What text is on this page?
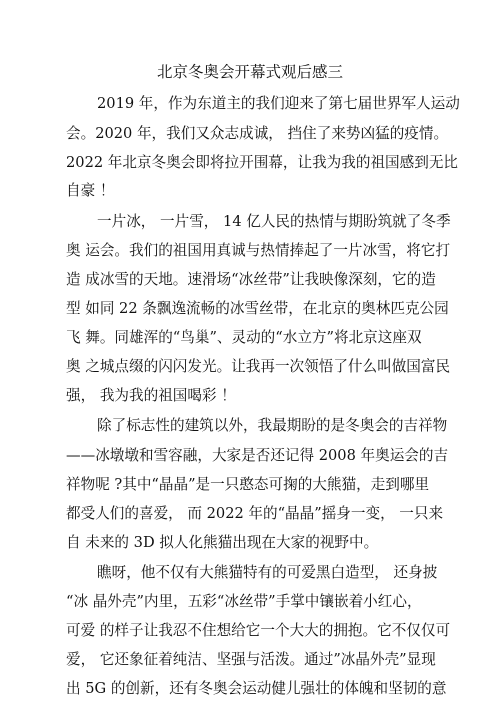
北京冬奥会开幕式观后感三
2019 年，作为东道主的我们迎来了第七届世界军人运动
会。2020 年，我们又众志成诚， 挡住了来势凶猛的疫情。
2022 年北京冬奥会即将拉开围幕，让我为我的祖国感到无比
自豪 ！
一片冰， 一片雪， 14 亿人民的热情与期盼筑就了冬季
奥 运会。我们的祖国用真诚与热情捧起了一片冰雪，将它打
造 成冰雪的天地。速滑场“冰丝带”让我映像深刻，它的造
型 如同 22 条飘逸流畅的冰雪丝带，在北京的奥林匹克公园
飞 舞。同雄浑的“鸟巢”、灵动的“水立方”将北京这座双
奥 之城点缀的闪闪发光。让我再一次领悟了什么叫做国富民
强， 我为我的祖国喝彩 ！
除了标志性的建筑以外，我最期盼的是冬奥会的吉祥物
——冰墩墩和雪容融，大家是否还记得 2008 年奥运会的吉
祥物呢 ?其中“晶晶”是一只憨态可掬的大熊猫，走到哪里
都受人们的喜爱， 而 2022 年的“晶晶”摇身一变， 一只来
自 未来的 3D 拟人化熊猫出现在大家的视野中。
瞧呀，他不仅有大熊猫特有的可爱黑白造型， 还身披
“冰 晶外壳”内里，五彩“冰丝带”手掌中镶嵌着小红心，
可爱 的样子让我忍不住想给它一个大大的拥抱。它不仅仅可
爱， 它还象征着纯洁、坚强与活泼。通过”冰晶外壳”显现
出 5G 的创新，还有冬奥会运动健儿强壮的体魄和坚韧的意
